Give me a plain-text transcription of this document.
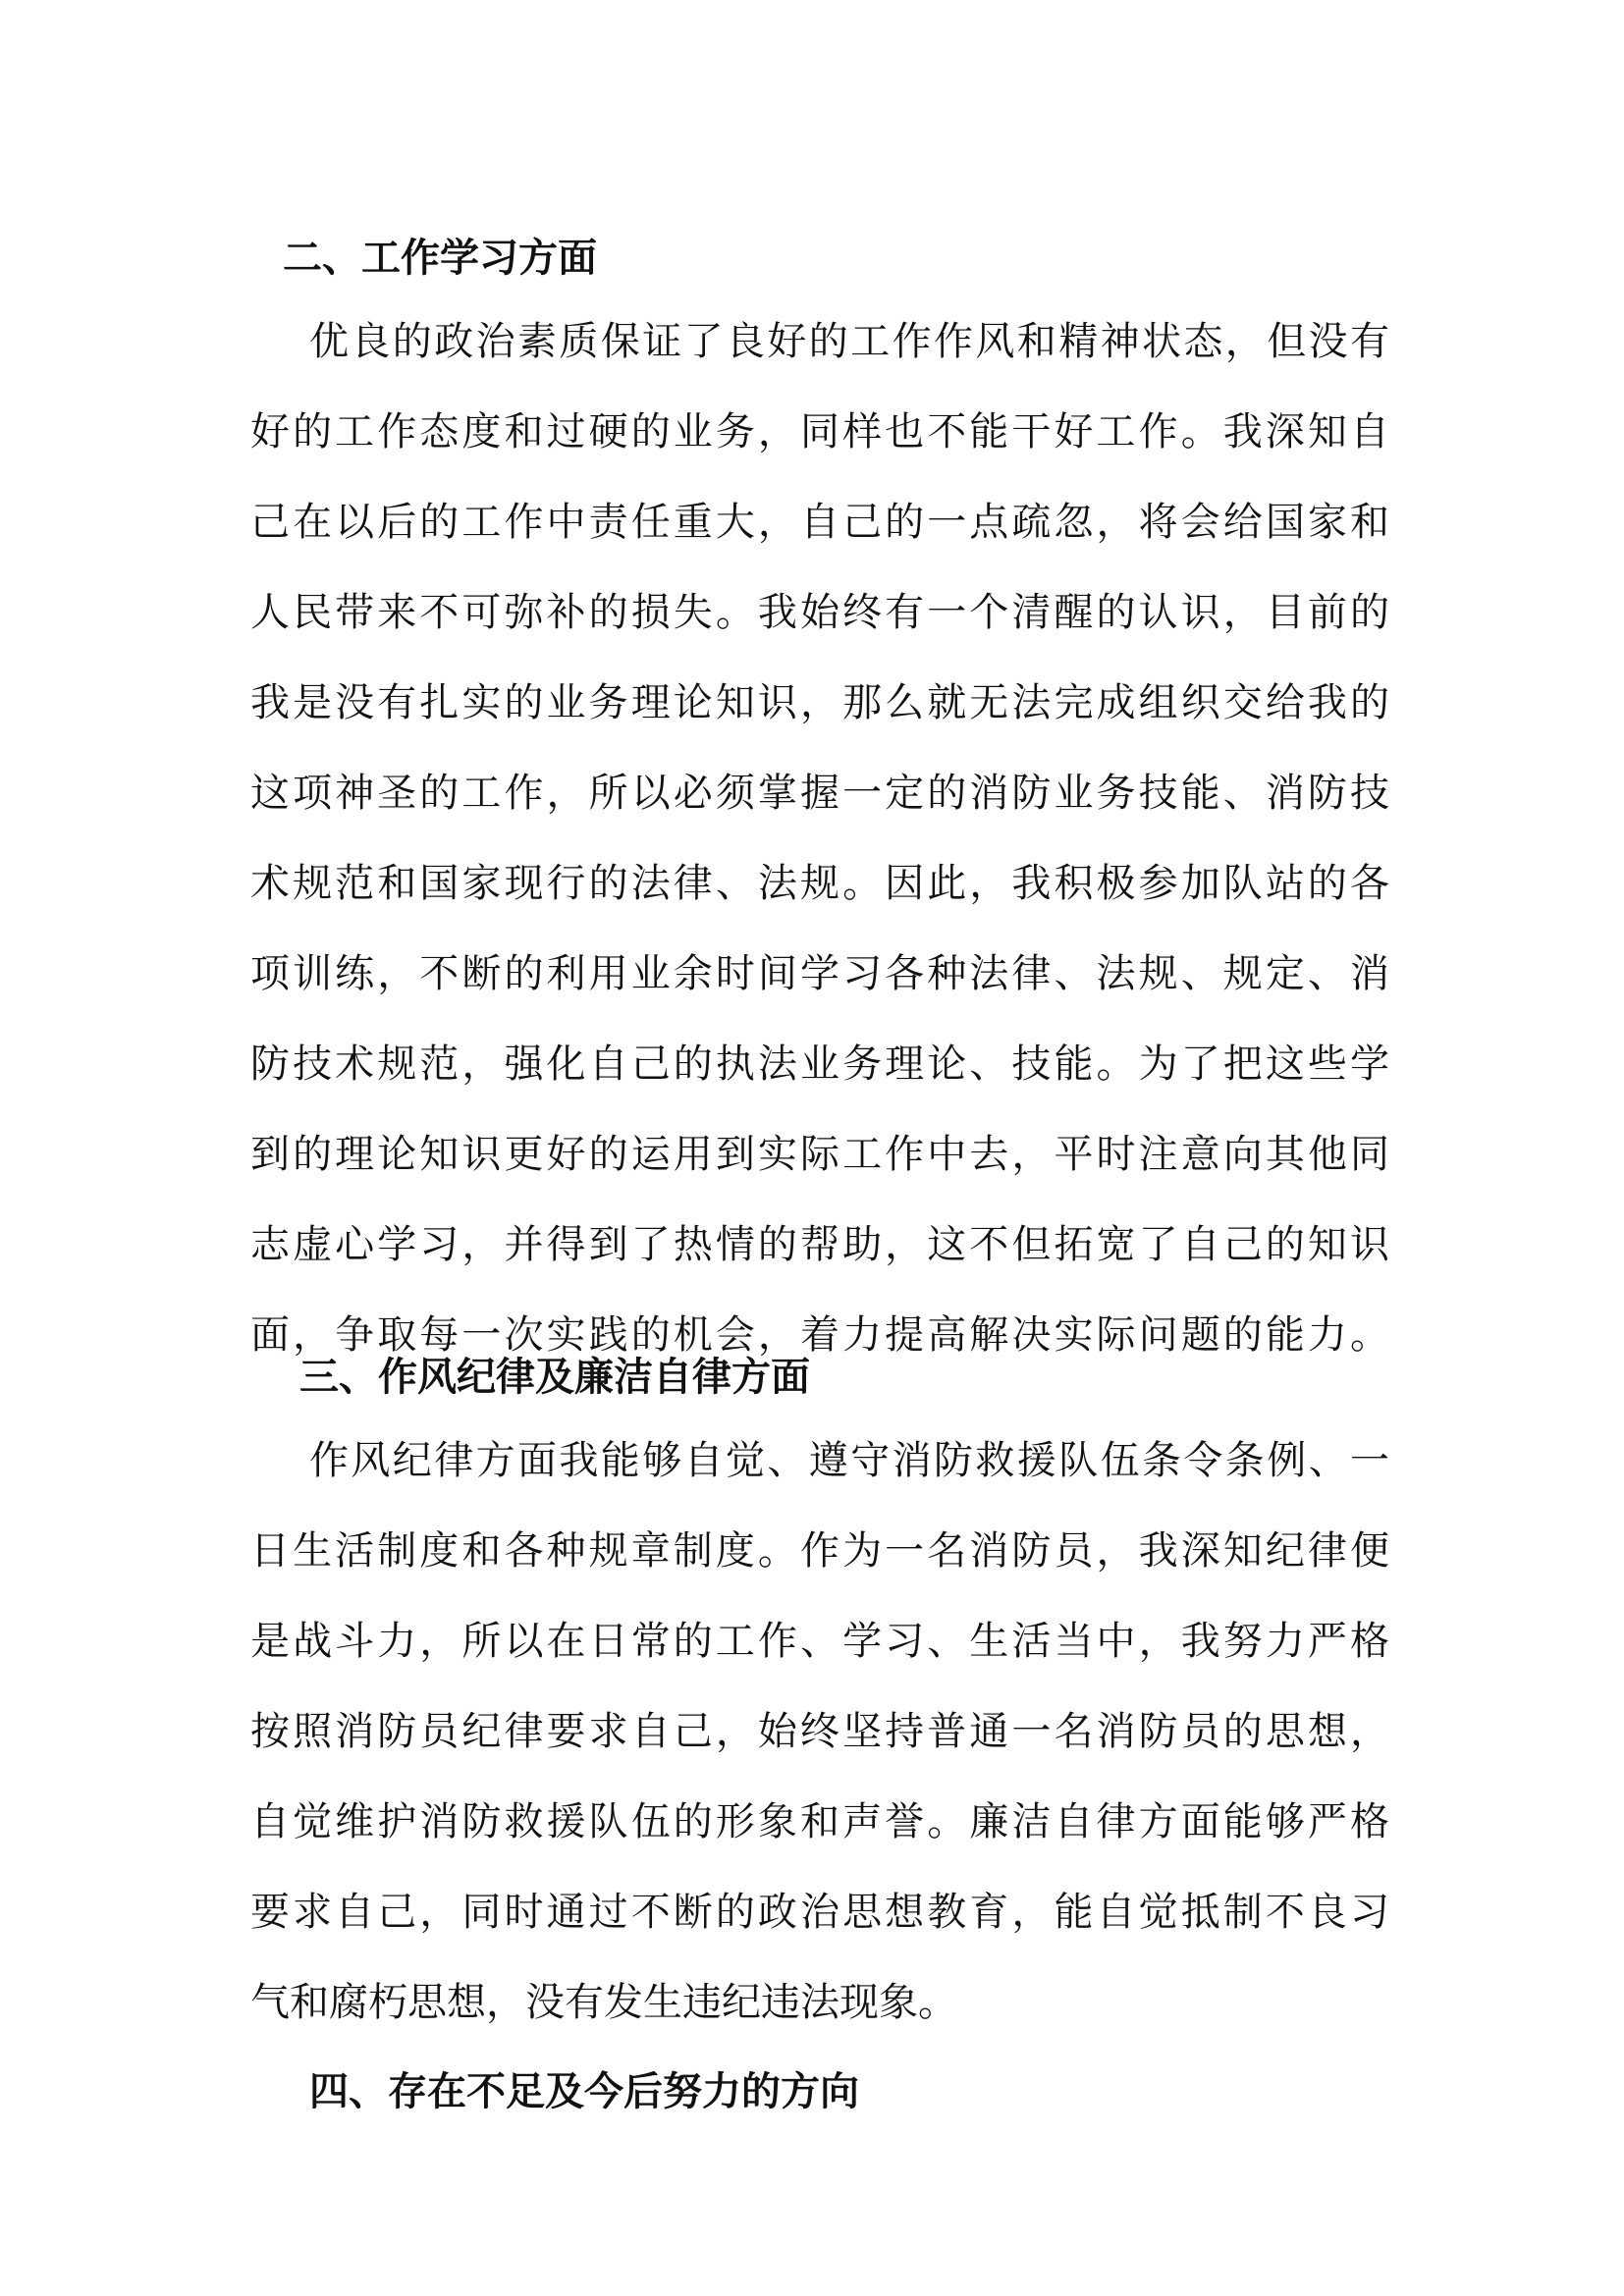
二、工作学习方面
优良的政治素质保证了良好的工作作风和精神状态，但没有
好的工作态度和过硬的业务，同样也不能干好工作。我深知自
己在以后的工作中责任重大，自己的一点疏忽，将会给国家和
人民带来不可弥补的损失。我始终有一个清醒的认识，目前的
我是没有扎实的业务理论知识，那么就无法完成组织交给我的
这项神圣的工作，所以必须掌握一定的消防业务技能、消防技
术规范和国家现行的法律、法规。因此，我积极参加队站的各
项训练，不断的利用业余时间学习各种法律、法规、规定、消
防技术规范，强化自己的执法业务理论、技能。为了把这些学
到的理论知识更好的运用到实际工作中去，平时注意向其他同
志虚心学习，并得到了热情的帮助，这不但拓宽了自己的知识
面，争取每一次实践的机会，着力提高解决实际问题的能力。
三、作风纪律及廉洁自律方面
作风纪律方面我能够自觉、遵守消防救援队伍条令条例、一
日生活制度和各种规章制度。作为一名消防员，我深知纪律便
是战斗力，所以在日常的工作、学习、生活当中，我努力严格
按照消防员纪律要求自己，始终坚持普通一名消防员的思想，
自觉维护消防救援队伍的形象和声誉。廉洁自律方面能够严格
要求自己，同时通过不断的政治思想教育，能自觉抵制不良习
气和腐朽思想，没有发生违纪违法现象。
四、存在不足及今后努力的方向
